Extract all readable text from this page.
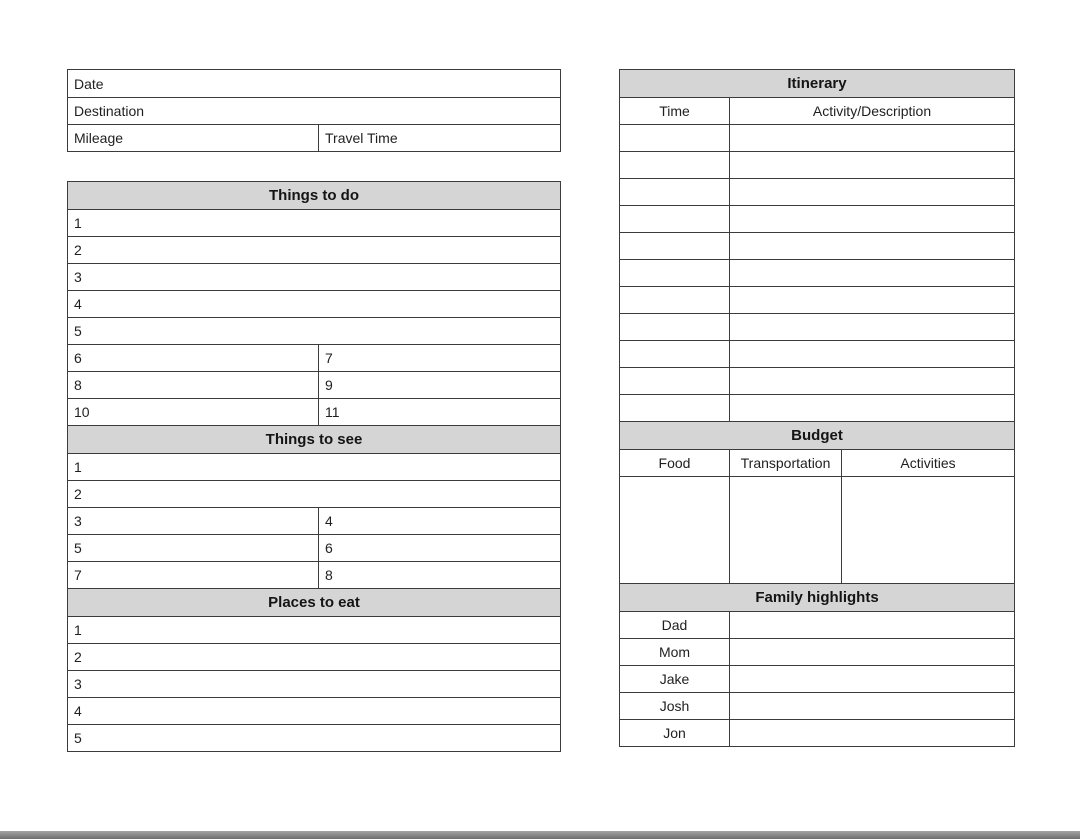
Date
Destination
Mileage	Travel Time
Things to do
1
2
3
4
5
6	7
8	9
10	11
Things to see
1
2
3	4
5	6
7	8
Places to eat
1
2
3
4
5
Itinerary
Time	Activity/Description
Budget
Food	Transportation	Activities
Family highlights
Dad
Mom
Jake
Josh
Jon
